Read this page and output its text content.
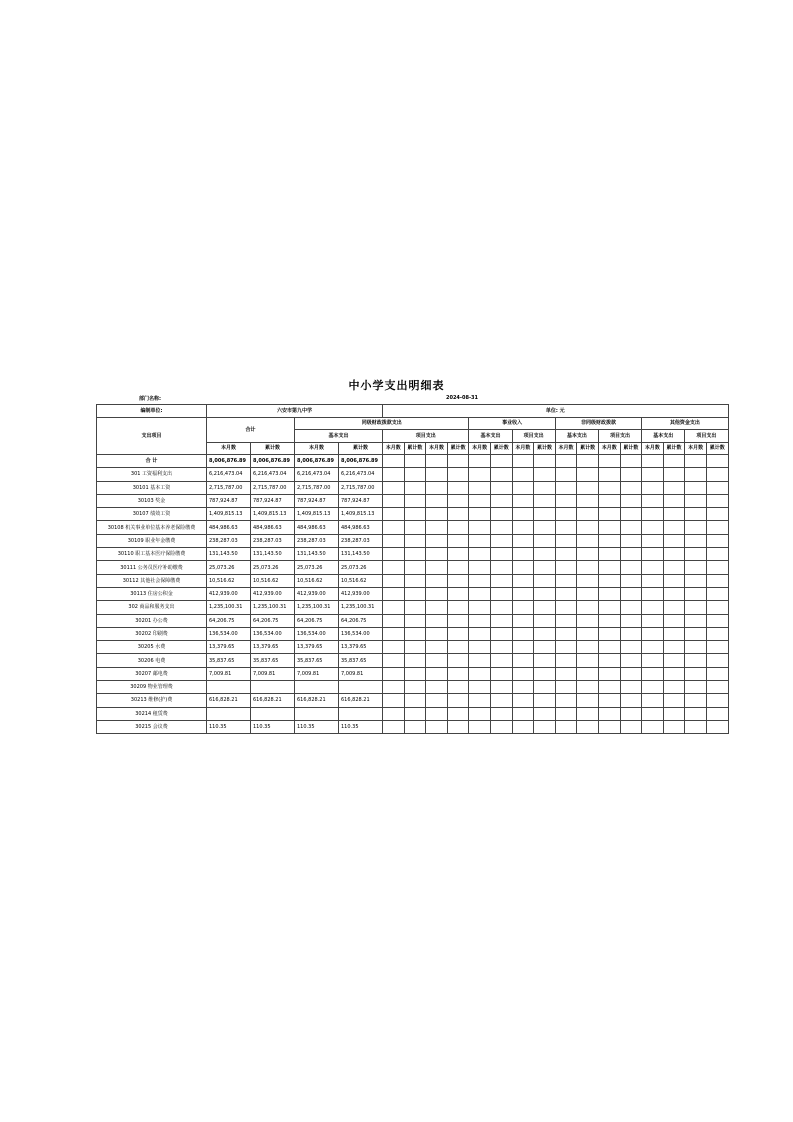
中小学支出明细表
部门名称:	2024-08-31
编制单位:	六安市第九中学				单位: 元															
支出项目	合计		同级财政拨款支出						事业收入				非同级财政拨款				其他资金支出			
			基本支出		项目支出				基本支出		项目支出		基本支出		项目支出		基本支出		项目支出	
	本月数	累计数	本月数	累计数	本月数	累计数	本月数	累计数	本月数	累计数	本月数	累计数	本月数	累计数	本月数	累计数	本月数	累计数	本月数	累计数
合 计	8,006,876.89	8,006,876.89	8,006,876.89	8,006,876.89																
301 工资福利支出	6,216,473.04	6,216,473.04	6,216,473.04	6,216,473.04																
30101 基本工资	2,715,787.00	2,715,787.00	2,715,787.00	2,715,787.00																
30103 奖金	787,924.87	787,924.87	787,924.87	787,924.87																
30107 绩效工资	1,409,815.13	1,409,815.13	1,409,815.13	1,409,815.13																
30108 机关事业单位基本养老保险缴费	484,986.63	484,986.63	484,986.63	484,986.63																
30109 职业年金缴费	238,287.03	238,287.03	238,287.03	238,287.03																
30110 职工基本医疗保险缴费	131,143.50	131,143.50	131,143.50	131,143.50																
30111 公务员医疗补助缴费	25,073.26	25,073.26	25,073.26	25,073.26																
30112 其他社会保障缴费	10,516.62	10,516.62	10,516.62	10,516.62																
30113 住房公积金	412,939.00	412,939.00	412,939.00	412,939.00																
302 商品和服务支出	1,235,100.31	1,235,100.31	1,235,100.31	1,235,100.31																
30201 办公费	64,206.75	64,206.75	64,206.75	64,206.75																
30202 印刷费	136,534.00	136,534.00	136,534.00	136,534.00																
30205 水费	13,379.65	13,379.65	13,379.65	13,379.65																
30206 电费	35,837.65	35,837.65	35,837.65	35,837.65																
30207 邮电费	7,009.81	7,009.81	7,009.81	7,009.81																
30209 物业管理费																				
30213 维修(护)费	616,828.21	616,828.21	616,828.21	616,828.21																
30214 租赁费																				
30215 会议费	110.35	110.35	110.35	110.35																
